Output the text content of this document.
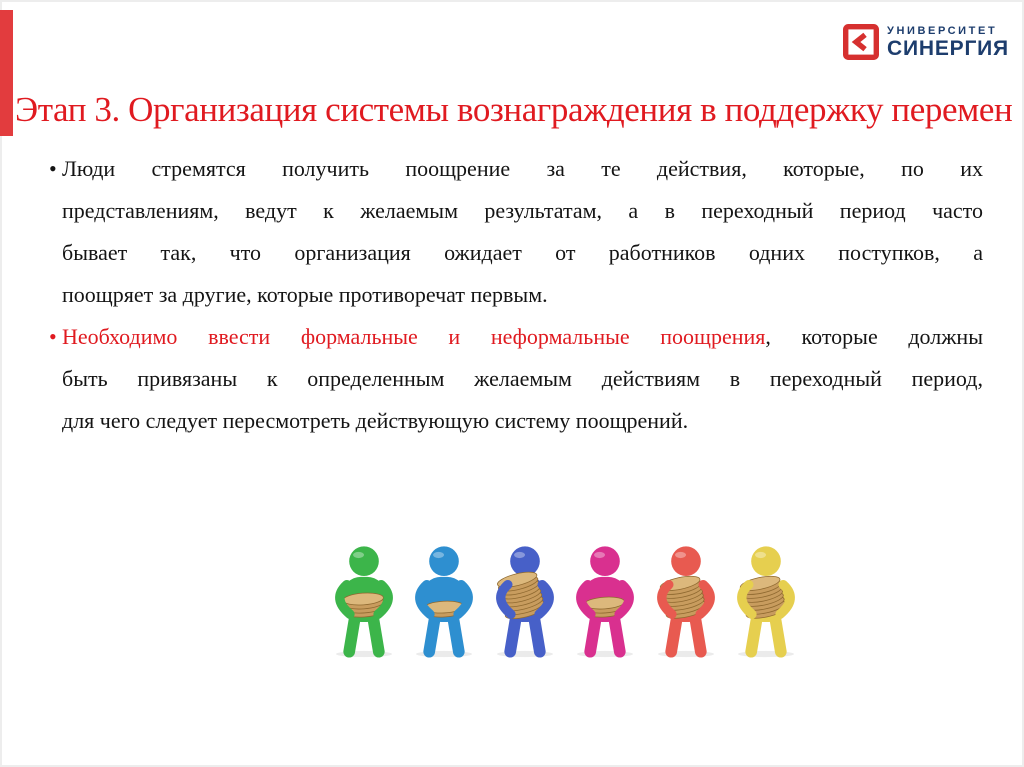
УНИВЕРСИТЕТ
СИНЕРГИЯ
Этап 3. Организация системы вознаграждения в поддержку перемен
• Люди стремятся получить поощрение за те действия, которые, по их
представлениям, ведут к желаемым результатам, а в переходный период часто
бывает так, что организация ожидает от работников одних поступков, а
поощряет за другие, которые противоречат первым.
• Необходимо ввести формальные и неформальные поощрения, которые должны
быть привязаны к определенным желаемым действиям в переходный период,
для чего следует пересмотреть действующую систему поощрений.
